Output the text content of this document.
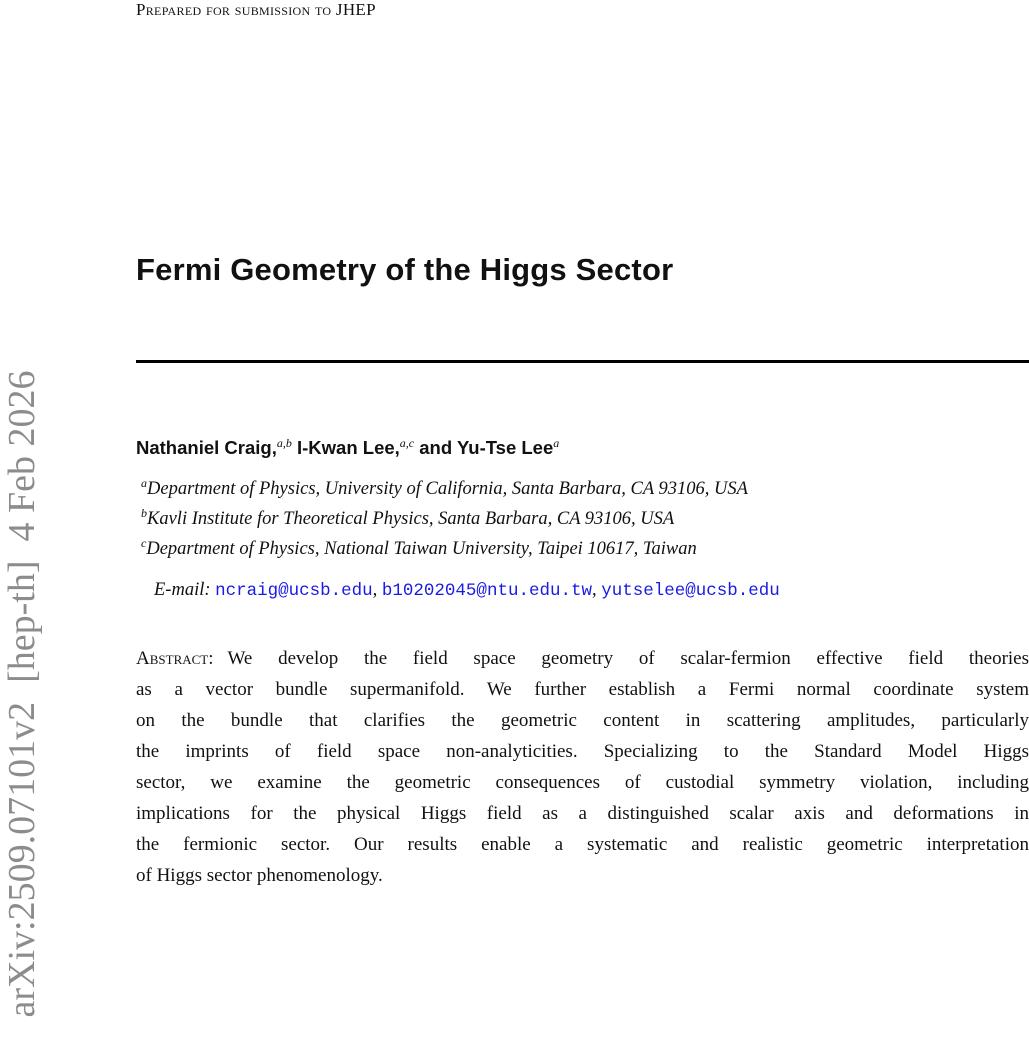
Prepared for submission to JHEP
Fermi Geometry of the Higgs Sector
Nathaniel Craig,$^{a,b}$ I-Kwan Lee,$^{a,c}$ and Yu-Tse Lee$^a$
$^a$Department of Physics, University of California, Santa Barbara, CA 93106, USA
$^b$Kavli Institute for Theoretical Physics, Santa Barbara, CA 93106, USA
$^c$Department of Physics, National Taiwan University, Taipei 10617, Taiwan
E-mail: ncraig@ucsb.edu, b10202045@ntu.edu.tw, yutselee@ucsb.edu
Abstract: We develop the field space geometry of scalar-fermion effective field theories
as a vector bundle supermanifold. We further establish a Fermi normal coordinate system
on the bundle that clarifies the geometric content in scattering amplitudes, particularly
the imprints of field space non-analyticities. Specializing to the Standard Model Higgs
sector, we examine the geometric consequences of custodial symmetry violation, including
implications for the physical Higgs field as a distinguished scalar axis and deformations in
the fermionic sector. Our results enable a systematic and realistic geometric interpretation
of Higgs sector phenomenology.
arXiv:2509.07101v2  [hep-th]  4 Feb 2026
